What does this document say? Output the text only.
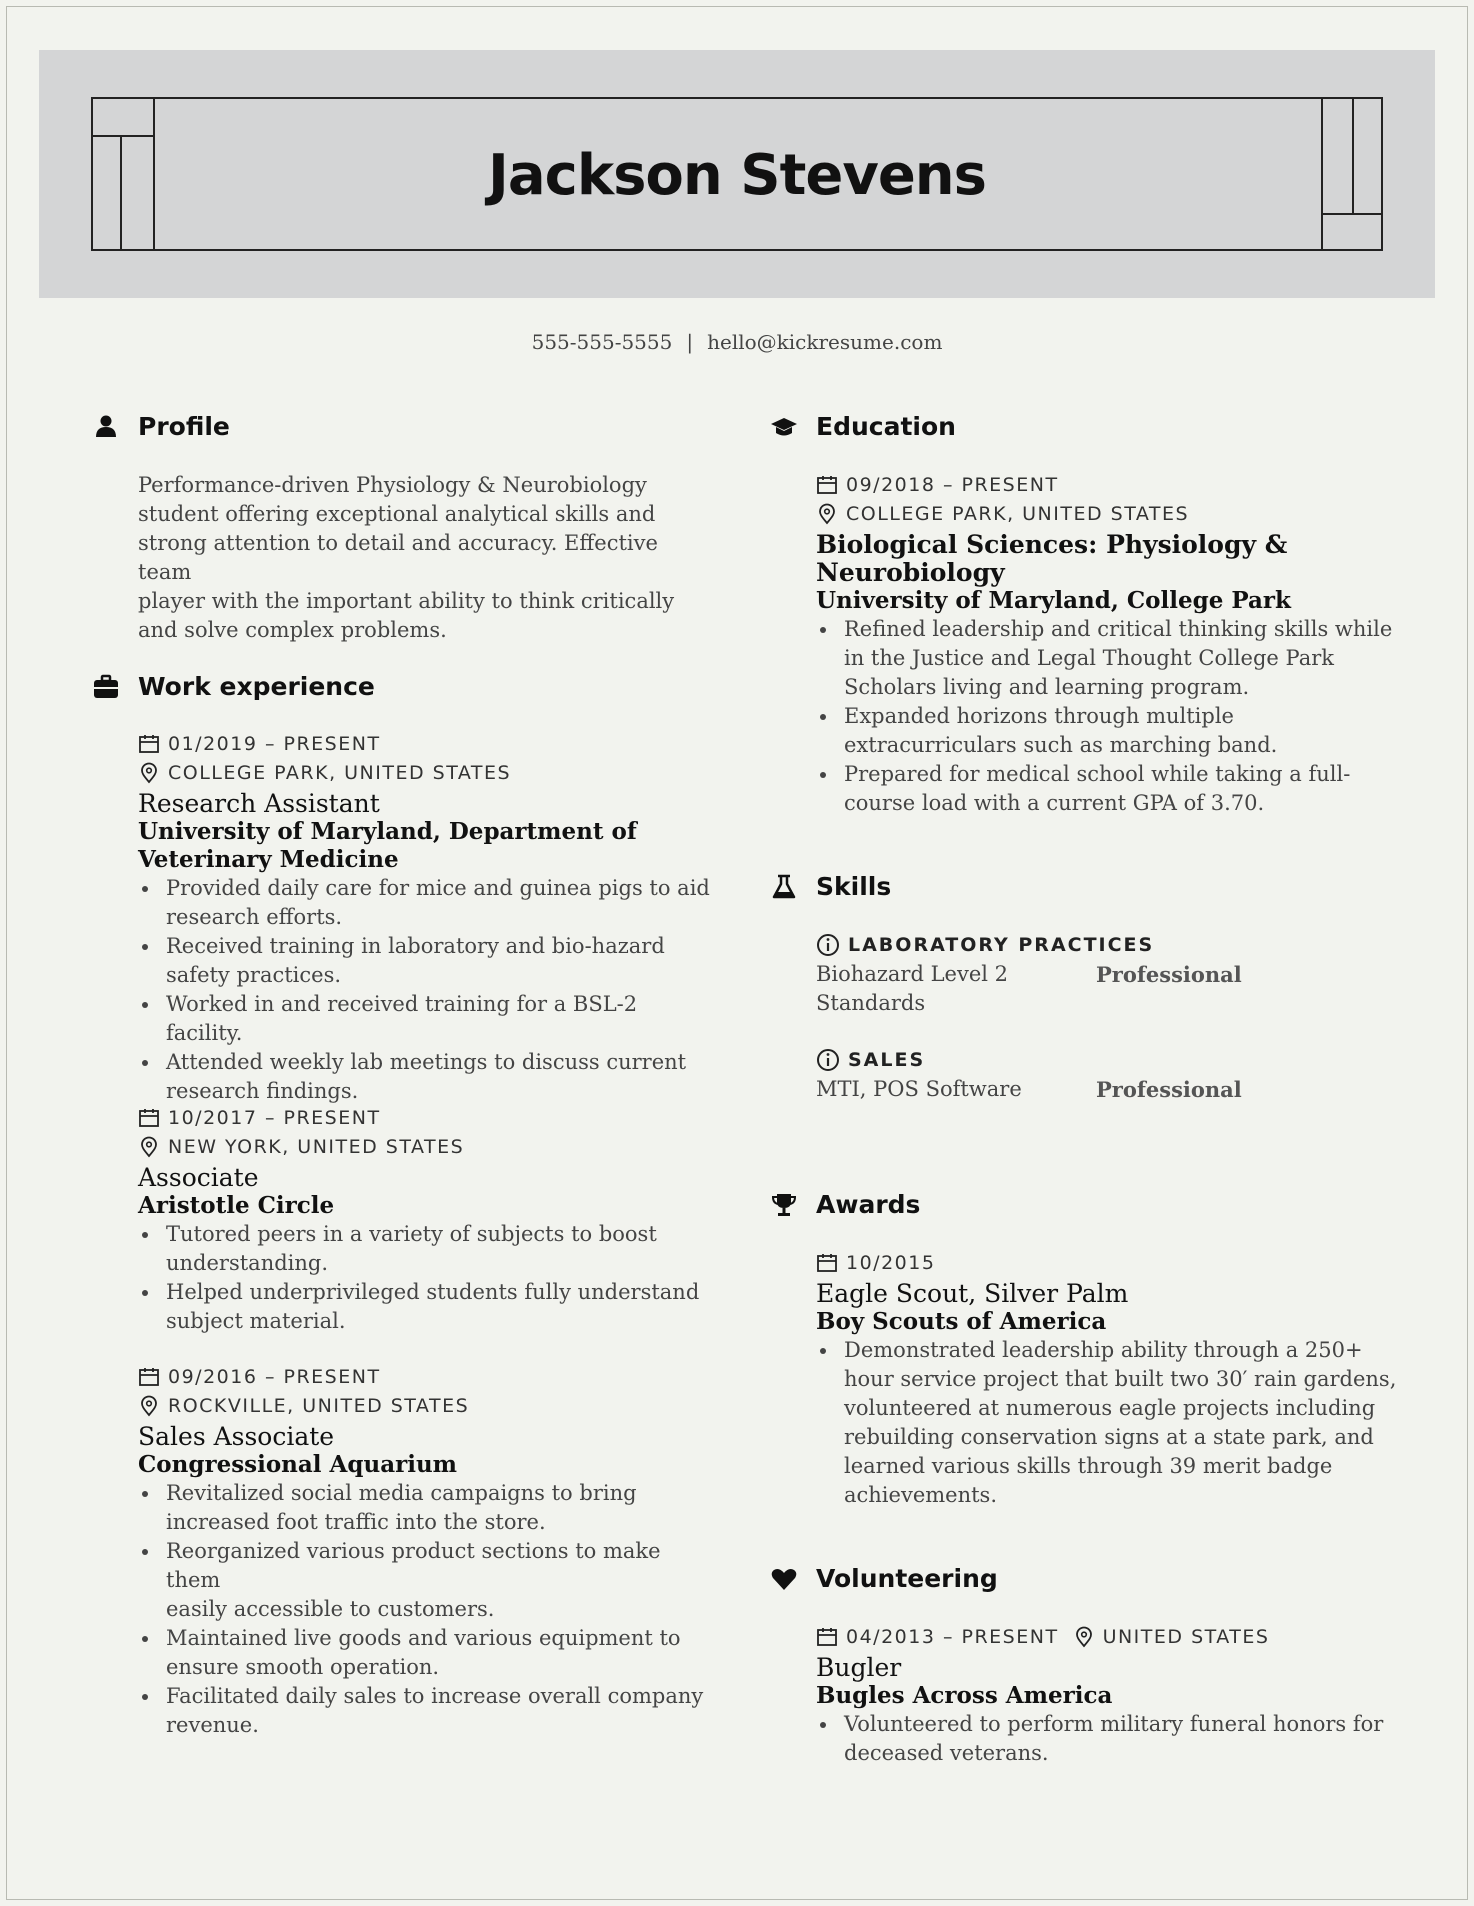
Jackson Stevens
555-555-5555 | hello@kickresume.com
Profile
Performance-driven Physiology & Neurobiology
student offering exceptional analytical skills and
strong attention to detail and accuracy. Effective team
player with the important ability to think critically
and solve complex problems.
Work experience
01/2019 – PRESENT
COLLEGE PARK, UNITED STATES
Research Assistant
University of Maryland, Department of
Veterinary Medicine
Provided daily care for mice and guinea pigs to aid
research efforts.
Received training in laboratory and bio-hazard
safety practices.
Worked in and received training for a BSL-2 facility.
Attended weekly lab meetings to discuss current
research findings.
10/2017 – PRESENT
NEW YORK, UNITED STATES
Associate
Aristotle Circle
Tutored peers in a variety of subjects to boost
understanding.
Helped underprivileged students fully understand
subject material.
09/2016 – PRESENT
ROCKVILLE, UNITED STATES
Sales Associate
Congressional Aquarium
Revitalized social media campaigns to bring
increased foot traffic into the store.
Reorganized various product sections to make them
easily accessible to customers.
Maintained live goods and various equipment to
ensure smooth operation.
Facilitated daily sales to increase overall company
revenue.
Education
09/2018 – PRESENT
COLLEGE PARK, UNITED STATES
Biological Sciences: Physiology &
Neurobiology
University of Maryland, College Park
Refined leadership and critical thinking skills while
in the Justice and Legal Thought College Park
Scholars living and learning program.
Expanded horizons through multiple
extracurriculars such as marching band.
Prepared for medical school while taking a full-
course load with a current GPA of 3.70.
Skills
LABORATORY PRACTICES
Biohazard Level 2
Standards
Professional
SALES
MTI, POS Software	Professional
Awards
10/2015
Eagle Scout, Silver Palm
Boy Scouts of America
Demonstrated leadership ability through a 250+
hour service project that built two 30′ rain gardens,
volunteered at numerous eagle projects including
rebuilding conservation signs at a state park, and
learned various skills through 39 merit badge
achievements.
Volunteering
04/2013 – PRESENT UNITED STATES
Bugler
Bugles Across America
Volunteered to perform military funeral honors for
deceased veterans.
